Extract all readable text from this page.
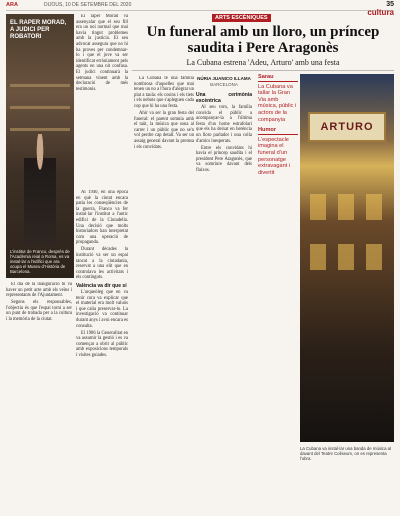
ARA	DIJOUS, 10 DE SETEMBRE DEL 2020	35
cultura
EL RAPER MORAD, A JUDICI PER ROBATORI
L'institut de Franco, després de l'Acadèmia reial a Roma, es va instal·lar a l'edifici que ara ocupa el Museu d'Història de Barcelona.

El raper Morad va assenyalar que el seu fill era un noi normal que mai havia tingut problemes amb la justícia. El seu advocat assegura que no hi ha proves per condemnar-lo i que el jove va ser identificat erròniament pels agents en una nit confusa. El judici continuarà la setmana vinent amb la declaració de més testimonis.

Al 1940, en una època en què la ciutat encara patia les conseqüències de la guerra, Franco va fer instal·lar l'institut a l'antic edifici de la Ciutadella. Una decisió que molts historiadors han interpretat com una operació de propaganda.

Durant dècades la institució va ser un espai tancat a la ciutadania, reservat a una elit que en controlava les activitats i els continguts.

València va dir que sí

L'arqueòleg que en va tenir cura va explicar que el material era molt valuós i que calia preservar-lo. La investigació va continuar durant anys i avui encara es consulta.

El 1986 la Generalitat en va assumir la gestió i es va començar a obrir al públic amb exposicions temporals i visites guiades.

El dia de la inauguració hi va haver un petit acte amb els veïns i representants de l'Ajuntament.

Segons els responsables, l'objectiu és que l'espai torni a ser un punt de trobada per a la cultura i la memòria de la ciutat.

ARTS ESCÈNIQUES
Un funeral amb un lloro, un príncep saudita i Pere Aragonès
La Cubana estrena 'Adeu, Arturo' amb una festa
NÚRIA JUANICO ILLAMA
BARCELONA

La Cubana té una família nombrosa d'aquelles que mai tenen un no a l'hora d'alegrar un plat a taula: els cosins i els tiets i els nebots que s'apleguen cada cop que hi ha una festa.

Ahir va ser la gran festa del funeral: el parent somnia amb el taüt, la música que sona al carrer i un públic que no se'n vol perdre cap detall. Va ser un assaig general davant la premsa i els convidats.

Una cerimònia excèntrica

Al seu torn, la família convida el públic a acompanyar-la a l'última festa d'un home estrafolari que els ha deixat en herència un lloro parlador i una colla d'amics inesperats.

Entre els convidats hi havia el príncep saudita i el president Pere Aragonès, que va somriure davant dels flaixos.

Sarau
La Cubana va tallar la Gran Via amb música, públic i actors de la companyia
Humor
L'espectacle imagina el funeral d'un personatge extravagant i divertit
ARTURO
La Cubana va instal·lar una banda de música al davant del Teatre Coliseum, on es representa l'obra.
